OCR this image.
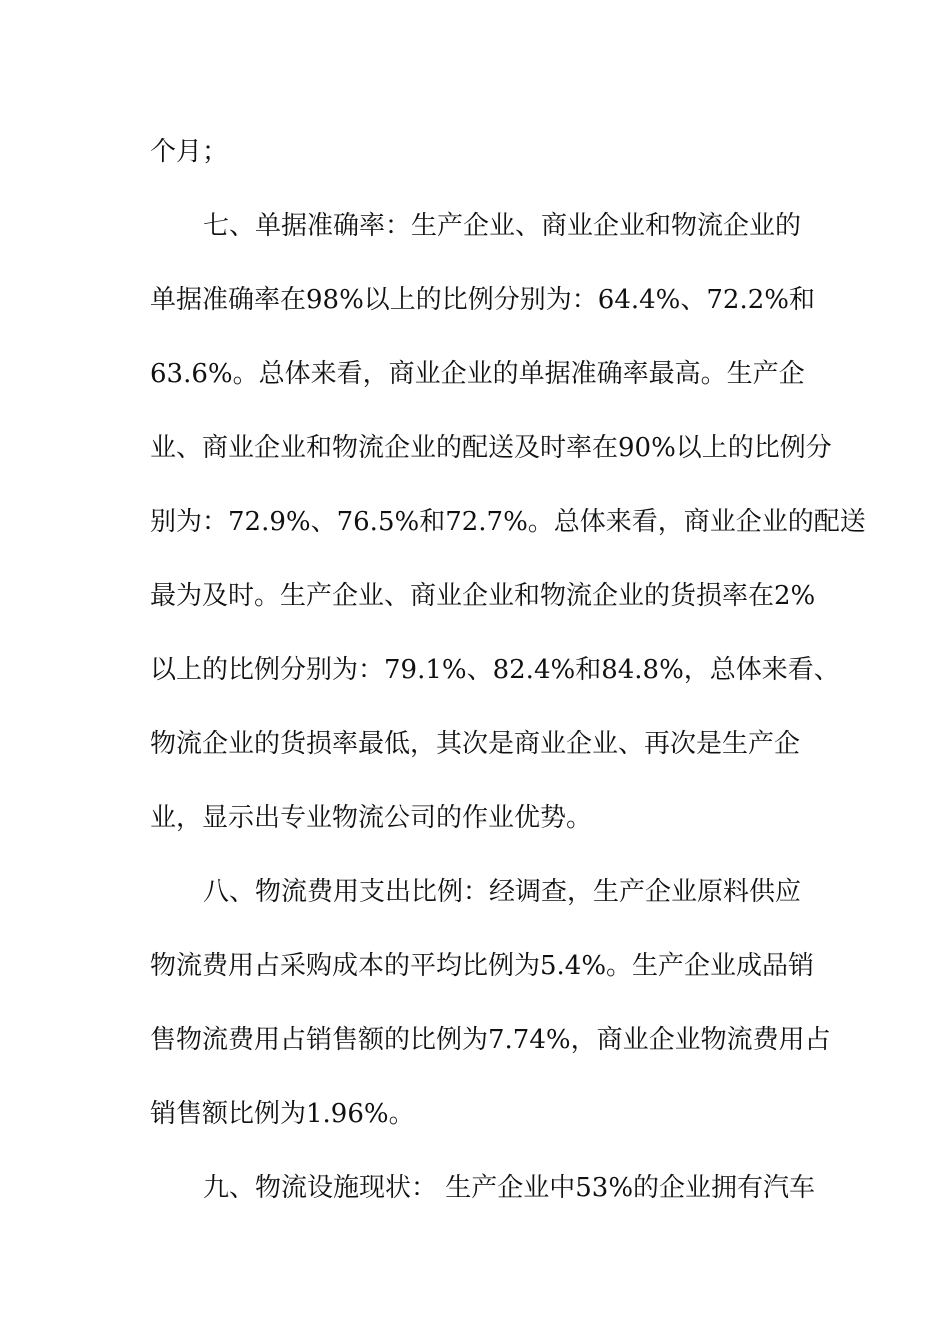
个月；
七、单据准确率：生产企业、商业企业和物流企业的
单据准确率在98%以上的比例分别为：64.4%、72.2%和
63.6%。总体来看，商业企业的单据准确率最高。生产企
业、商业企业和物流企业的配送及时率在90%以上的比例分
别为：72.9%、76.5%和72.7%。总体来看，商业企业的配送
最为及时。生产企业、商业企业和物流企业的货损率在2%
以上的比例分别为：79.1%、82.4%和84.8%，总体来看、
物流企业的货损率最低，其次是商业企业、再次是生产企
业，显示出专业物流公司的作业优势。
八、物流费用支出比例：经调查，生产企业原料供应
物流费用占采购成本的平均比例为5.4%。生产企业成品销
售物流费用占销售额的比例为7.74%，商业企业物流费用占
销售额比例为1.96%。
九、物流设施现状： 生产企业中53%的企业拥有汽车
